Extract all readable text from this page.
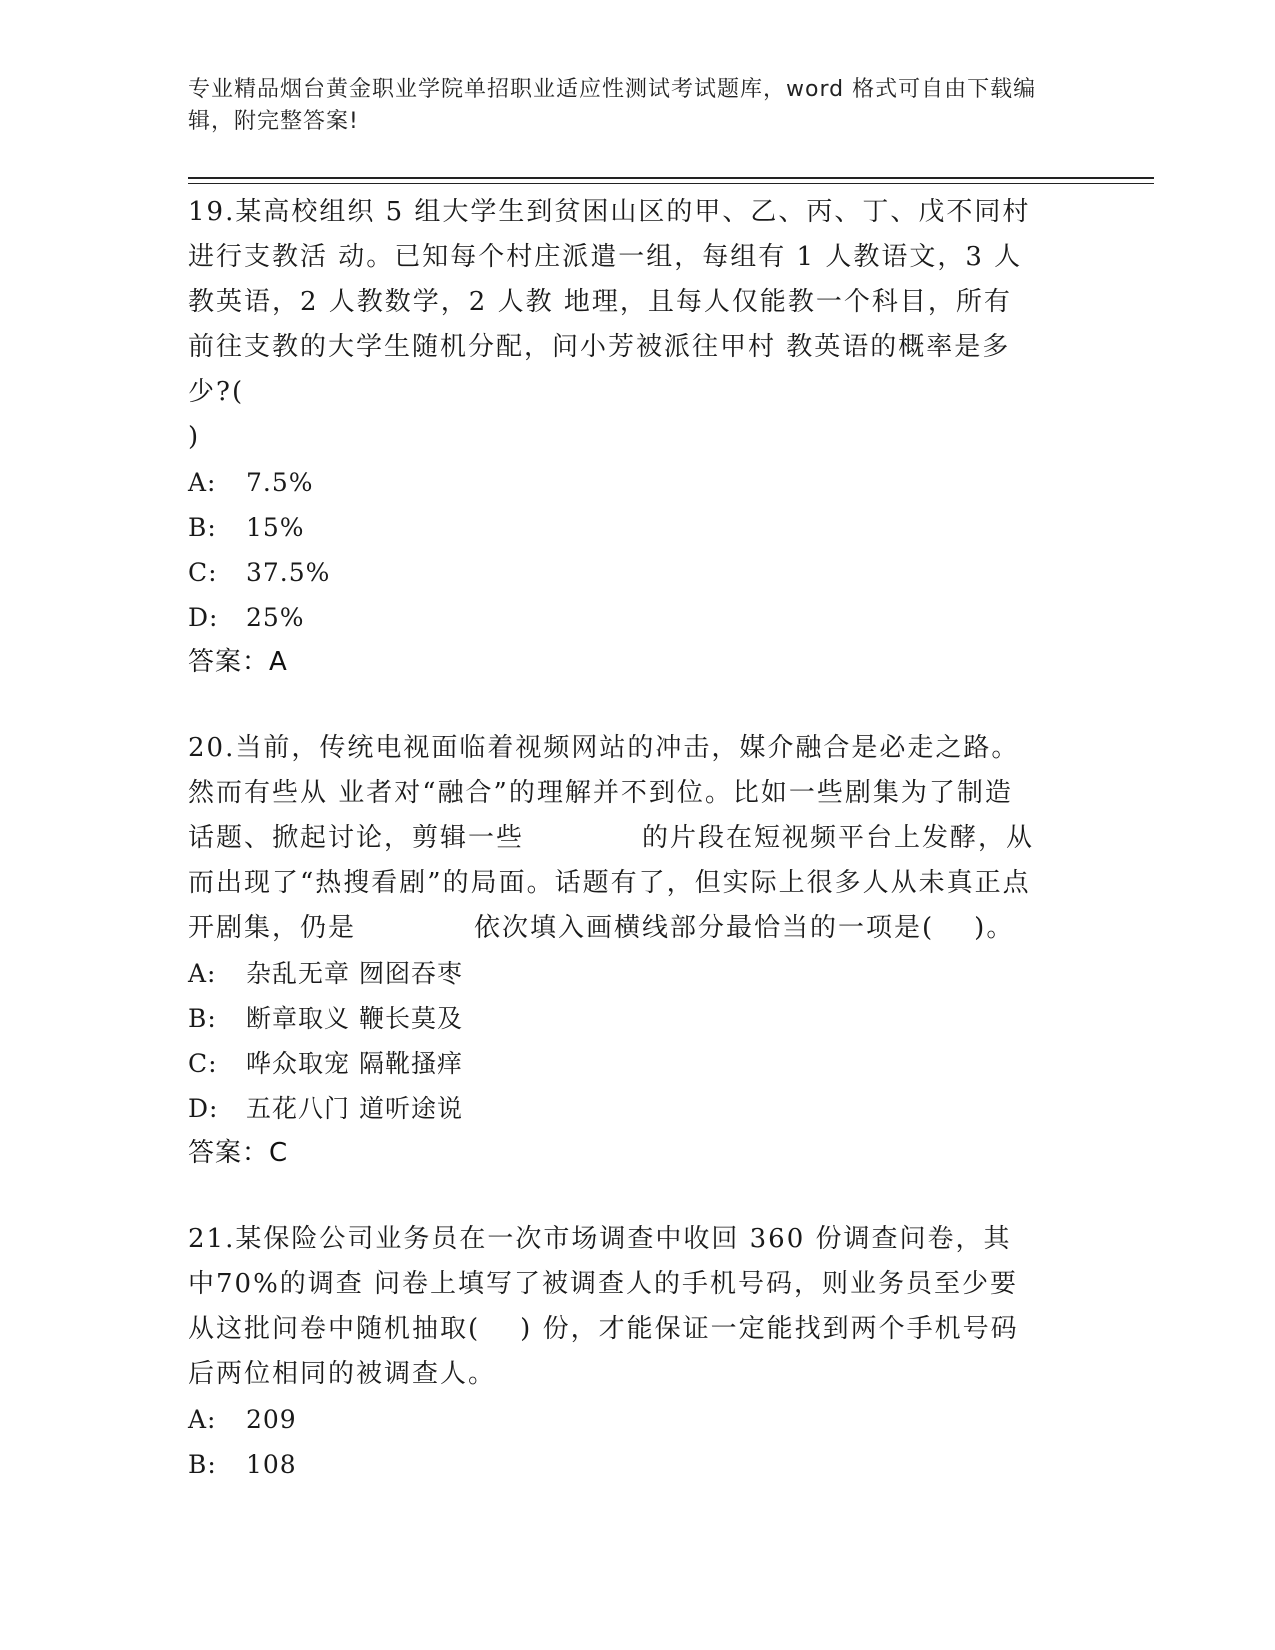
专业精品烟台黄金职业学院单招职业适应性测试考试题库，word 格式可自由下载编辑，附完整答案!
19.某高校组织 5 组大学生到贫困山区的甲、乙、丙、丁、戊不同村进行支教活 动。已知每个村庄派遣一组，每组有 1 人教语文，3 人教英语，2 人教数学，2 人教 地理，且每人仅能教一个科目，所有前往支教的大学生随机分配，问小芳被派往甲村 教英语的概率是多少?(
)
A:	7.5%
B:	15%
C:	37.5%
D:	25%
答案：A
20.当前，传统电视面临着视频网站的冲击，媒介融合是必走之路。然而有些从 业者对“融合”的理解并不到位。比如一些剧集为了制造话题、掀起讨论，剪辑一些	的片段在短视频平台上发酵，从而出现了“热搜看剧”的局面。话题有了，但实际上很多人从未真正点开剧集，仍是	依次填入画横线部分最恰当的一项是( )。
A:	杂乱无章 囫囵吞枣
B:	断章取义 鞭长莫及
C:	哗众取宠 隔靴搔痒
D:	五花八门 道听途说
答案：C
21.某保险公司业务员在一次市场调查中收回 360 份调查问卷，其中70%的调查 问卷上填写了被调查人的手机号码，则业务员至少要从这批问卷中随机抽取( ) 份，才能保证一定能找到两个手机号码后两位相同的被调查人。
A:	209
B:	108
